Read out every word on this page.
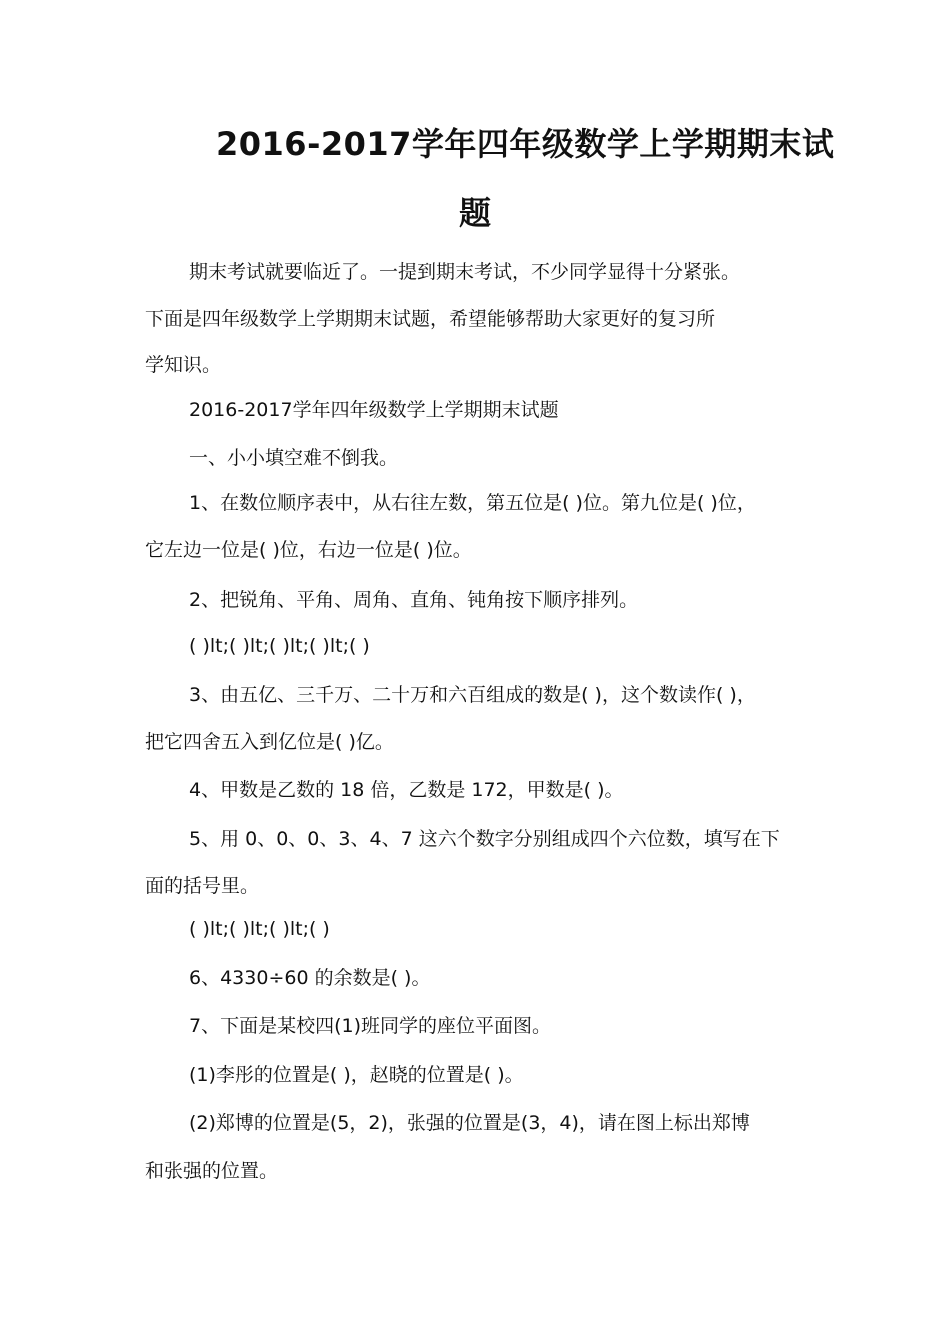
2016-2017学年四年级数学上学期期末试
题
期末考试就要临近了。一提到期末考试，不少同学显得十分紧张。
下面是四年级数学上学期期末试题，希望能够帮助大家更好的复习所
学知识。
2016-2017学年四年级数学上学期期末试题
一、小小填空难不倒我。
1、在数位顺序表中，从右往左数，第五位是( )位。第九位是( )位，
它左边一位是( )位，右边一位是( )位。
2、把锐角、平角、周角、直角、钝角按下顺序排列。
( )lt;( )lt;( )lt;( )lt;( )
3、由五亿、三千万、二十万和六百组成的数是( )，这个数读作( )，
把它四舍五入到亿位是( )亿。
4、甲数是乙数的 18 倍，乙数是 172，甲数是( )。
5、用 0、0、0、3、4、7 这六个数字分别组成四个六位数，填写在下
面的括号里。
( )lt;( )lt;( )lt;( )
6、4330÷60 的余数是( )。
7、下面是某校四(1)班同学的座位平面图。
(1)李彤的位置是( )，赵晓的位置是( )。
(2)郑博的位置是(5，2)，张强的位置是(3，4)，请在图上标出郑博
和张强的位置。
